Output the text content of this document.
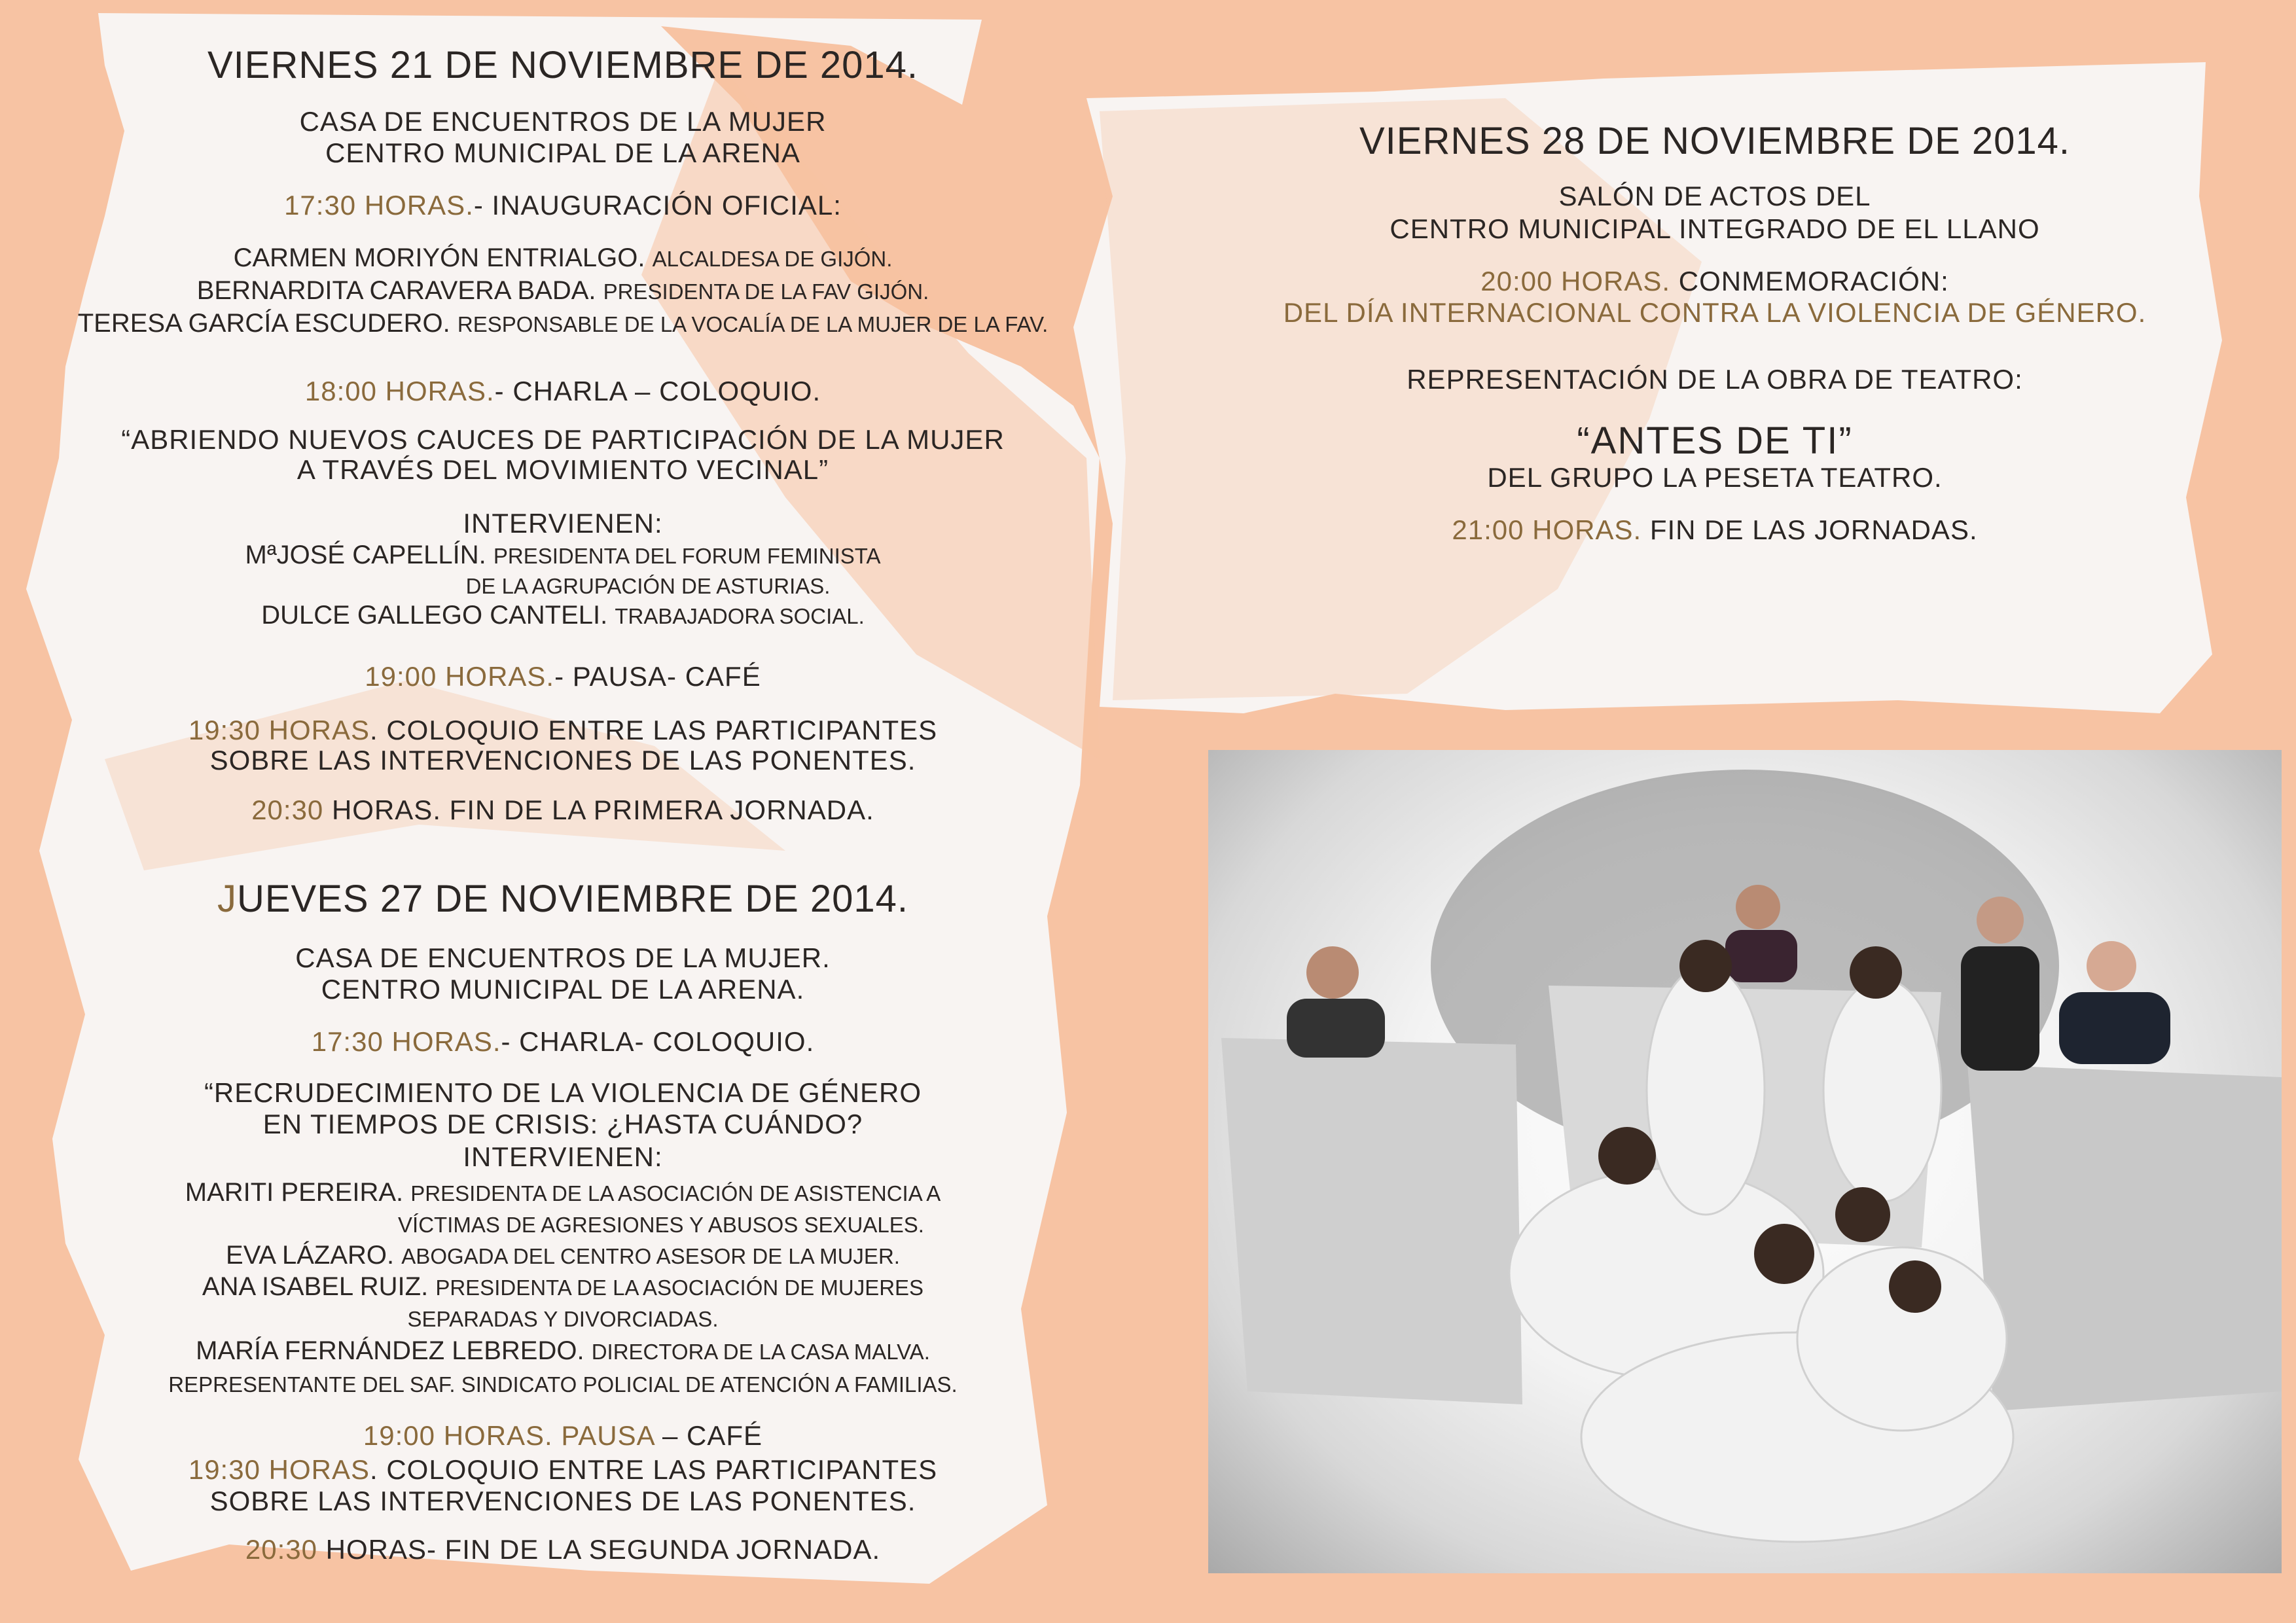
VIERNES 21 DE NOVIEMBRE DE 2014.
CASA DE ENCUENTROS DE LA MUJER
CENTRO MUNICIPAL DE LA ARENA
17:30 HORAS.- INAUGURACIÓN OFICIAL:
CARMEN MORIYÓN ENTRIALGO. ALCALDESA DE GIJÓN.
BERNARDITA CARAVERA BADA. PRESIDENTA DE LA FAV GIJÓN.
TERESA GARCÍA ESCUDERO. RESPONSABLE DE LA VOCALÍA DE LA MUJER DE LA FAV.
18:00 HORAS.- CHARLA – COLOQUIO.
“ABRIENDO NUEVOS CAUCES DE PARTICIPACIÓN DE LA MUJER
A TRAVÉS DEL MOVIMIENTO VECINAL”
INTERVIENEN:
MªJOSÉ CAPELLÍN. PRESIDENTA DEL FORUM FEMINISTA
DE LA AGRUPACIÓN DE ASTURIAS.
DULCE GALLEGO CANTELI. TRABAJADORA SOCIAL.
19:00 HORAS.- PAUSA- CAFÉ
19:30 HORAS. COLOQUIO ENTRE LAS PARTICIPANTES
SOBRE LAS INTERVENCIONES DE LAS PONENTES.
20:30 HORAS. FIN DE LA PRIMERA JORNADA.
JUEVES 27 DE NOVIEMBRE DE 2014.
CASA DE ENCUENTROS DE LA MUJER.
CENTRO MUNICIPAL DE LA ARENA.
17:30 HORAS.- CHARLA- COLOQUIO.
“RECRUDECIMIENTO DE LA VIOLENCIA DE GÉNERO
EN TIEMPOS DE CRISIS: ¿HASTA CUÁNDO?
INTERVIENEN:
MARITI PEREIRA. PRESIDENTA DE LA ASOCIACIÓN DE ASISTENCIA A
VÍCTIMAS DE AGRESIONES Y ABUSOS SEXUALES.
EVA LÁZARO. ABOGADA DEL CENTRO ASESOR DE LA MUJER.
ANA ISABEL RUIZ. PRESIDENTA DE LA ASOCIACIÓN DE MUJERES
SEPARADAS Y DIVORCIADAS.
MARÍA FERNÁNDEZ LEBREDO. DIRECTORA DE LA CASA MALVA.
REPRESENTANTE DEL SAF. SINDICATO POLICIAL DE ATENCIÓN A FAMILIAS.
19:00 HORAS. PAUSA – CAFÉ
19:30 HORAS. COLOQUIO ENTRE LAS PARTICIPANTES
SOBRE LAS INTERVENCIONES DE LAS PONENTES.
20:30 HORAS- FIN DE LA SEGUNDA JORNADA.
VIERNES 28 DE NOVIEMBRE DE 2014.
SALÓN DE ACTOS DEL
CENTRO MUNICIPAL INTEGRADO DE EL LLANO
20:00 HORAS. CONMEMORACIÓN:
DEL DÍA INTERNACIONAL CONTRA LA VIOLENCIA DE GÉNERO.
REPRESENTACIÓN DE LA OBRA DE TEATRO:
“ANTES DE TI”
DEL GRUPO LA PESETA TEATRO.
21:00 HORAS. FIN DE LAS JORNADAS.
